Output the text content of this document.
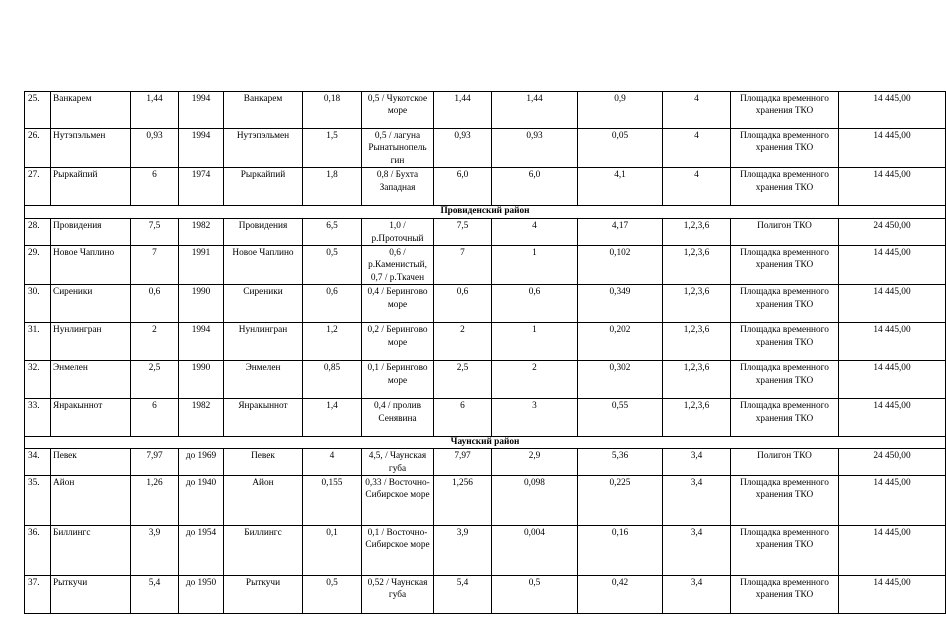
25.	Ванкарем	1,44	1994	Ванкарем	0,18	0,5 / Чукотское море	1,44	1,44	0,9	4	Площадка временного хранения ТКО	14 445,00
26.	Нутэпэльмен	0,93	1994	Нутэпэльмен	1,5	0,5 / лагуна Рынатынопель гин	0,93	0,93	0,05	4	Площадка временного хранения ТКО	14 445,00
27.	Рыркайпий	6	1974	Рыркайпий	1,8	0,8 / Бухта Западная	6,0	6,0	4,1	4	Площадка временного хранения ТКО	14 445,00
Провиденский район												
28.	Провидения	7,5	1982	Провидения	6,5	1,0 /р.Проточный	7,5	4	4,17	1,2,3,6	Полигон ТКО	24 450,00
29.	Новое Чаплино	7	1991	Новое Чаплино	0,5	0,6 / р.Каменистый, 0,7 / р.Ткачен	7	1	0,102	1,2,3,6	Площадка временного хранения ТКО	14 445,00
30.	Сиреники	0,6	1990	Сиреники	0,6	0,4 / Берингово море	0,6	0,6	0,349	1,2,3,6	Площадка временного хранения ТКО	14 445,00
31.	Нунлингран	2	1994	Нунлингран	1,2	0,2 / Берингово море	2	1	0,202	1,2,3,6	Площадка временного хранения ТКО	14 445,00
32.	Энмелен	2,5	1990	Энмелен	0,85	0,1 / Берингово море	2,5	2	0,302	1,2,3,6	Площадка временного хранения ТКО	14 445,00
33.	Янракыннот	6	1982	Янракыннот	1,4	0,4 / пролив Сенявина	6	3	0,55	1,2,3,6	Площадка временного хранения ТКО	14 445,00
Чаунский район												
34.	Певек	7,97	до 1969	Певек	4	4,5, / Чаунская губа	7,97	2,9	5,36	3,4	Полигон ТКО	24 450,00
35.	Айон	1,26	до 1940	Айон	0,155	0,33 / Восточно-Сибирское море	1,256	0,098	0,225	3,4	Площадка временного хранения ТКО	14 445,00
36.	Биллингс	3,9	до 1954	Биллингс	0,1	0,1 / Восточно-Сибирское море	3,9	0,004	0,16	3,4	Площадка временного хранения ТКО	14 445,00
37.	Рыткучи	5,4	до 1950	Рыткучи	0,5	0,52 / Чаунская губа	5,4	0,5	0,42	3,4	Площадка временного хранения ТКО	14 445,00
